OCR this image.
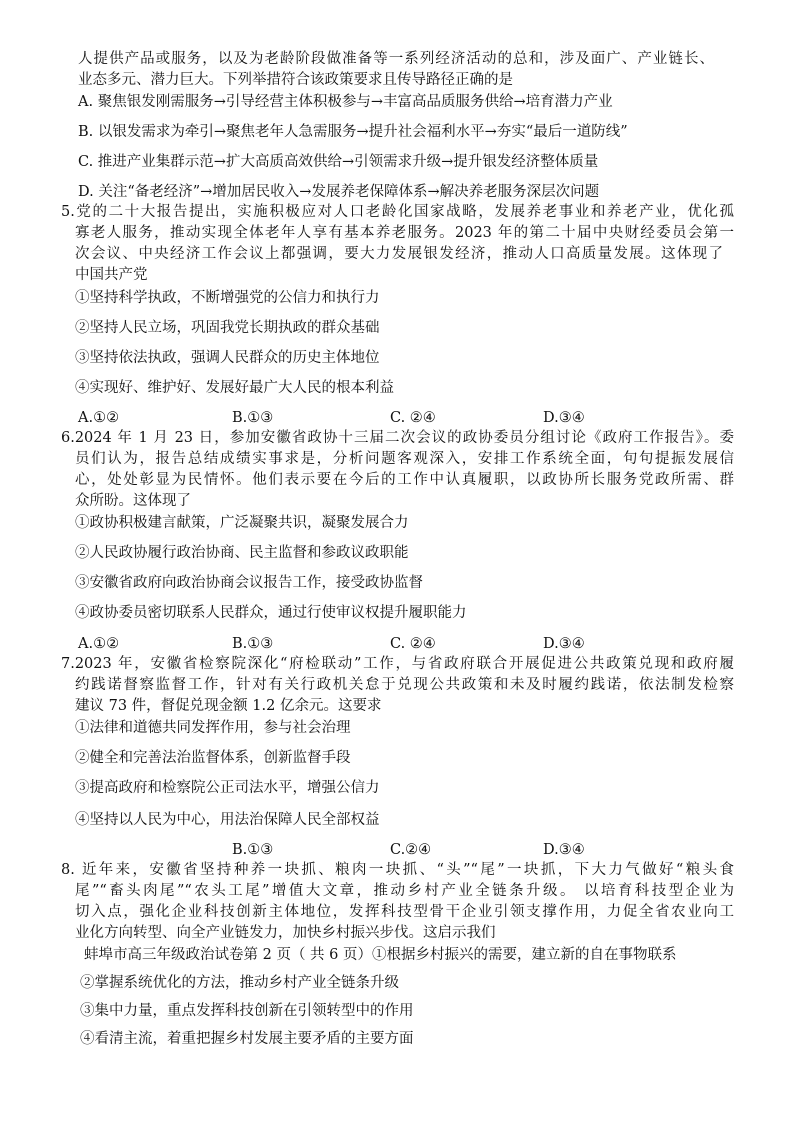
人提供产品或服务，以及为老龄阶段做准备等一系列经济活动的总和，涉及面广、产业链长、
业态多元、潜力巨大。下列举措符合该政策要求且传导路径正确的是
A. 聚焦银发刚需服务→引导经营主体积极参与→丰富高品质服务供给→培育潜力产业
B. 以银发需求为牵引→聚焦老年人急需服务→提升社会福利水平→夯实“最后一道防线”
C. 推进产业集群示范→扩大高质高效供给→引领需求升级→提升银发经济整体质量
D. 关注“备老经济”→增加居民收入→发展养老保障体系→解决养老服务深层次问题
5.党的二十大报告提出，实施积极应对人口老龄化国家战略，发展养老事业和养老产业，优化孤
寡老人服务，推动实现全体老年人享有基本养老服务。2023 年的第二十届中央财经委员会第一
次会议、中央经济工作会议上都强调，要大力发展银发经济，推动人口高质量发展。这体现了
中国共产党
①坚持科学执政，不断增强党的公信力和执行力
②坚持人民立场，巩固我党长期执政的群众基础
③坚持依法执政，强调人民群众的历史主体地位
④实现好、维护好、发展好最广大人民的根本利益
A.①②	B.①③	C. ②④	D.③④
6.2024 年 1 月 23 日，参加安徽省政协十三届二次会议的政协委员分组讨论《政府工作报告》。委
员们认为，报告总结成绩实事求是，分析问题客观深入，安排工作系统全面，句句提振发展信
心，处处彰显为民情怀。他们表示要在今后的工作中认真履职，以政协所长服务党政所需、群
众所盼。这体现了
①政协积极建言献策，广泛凝聚共识，凝聚发展合力
②人民政协履行政治协商、民主监督和参政议政职能
③安徽省政府向政治协商会议报告工作，接受政协监督
④政协委员密切联系人民群众，通过行使审议权提升履职能力
A.①②	B.①③	C. ②④	D.③④
7.2023 年，安徽省检察院深化“府检联动”工作，与省政府联合开展促进公共政策兑现和政府履
约践诺督察监督工作，针对有关行政机关怠于兑现公共政策和未及时履约践诺，依法制发检察
建议 73 件，督促兑现金额 1.2 亿余元。这要求
①法律和道德共同发挥作用，参与社会治理
②健全和完善法治监督体系，创新监督手段
③提高政府和检察院公正司法水平，增强公信力
④坚持以人民为中心，用法治保障人民全部权益
B.①③	C.②④	D.③④
8. 近年来，安徽省坚持种养一块抓、粮肉一块抓、“头”“尾”一块抓，下大力气做好“粮头食
尾”“畜头肉尾”“农头工尾”增值大文章，推动乡村产业全链条升级。 以培育科技型企业为
切入点，强化企业科技创新主体地位，发挥科技型骨干企业引领支撑作用，力促全省农业向工
业化方向转型、向全产业链发力，加快乡村振兴步伐。这启示我们
蚌埠市高三年级政治试卷第 2 页（ 共 6 页）①根据乡村振兴的需要，建立新的自在事物联系
②掌握系统优化的方法，推动乡村产业全链条升级
③集中力量，重点发挥科技创新在引领转型中的作用
④看清主流，着重把握乡村发展主要矛盾的主要方面
